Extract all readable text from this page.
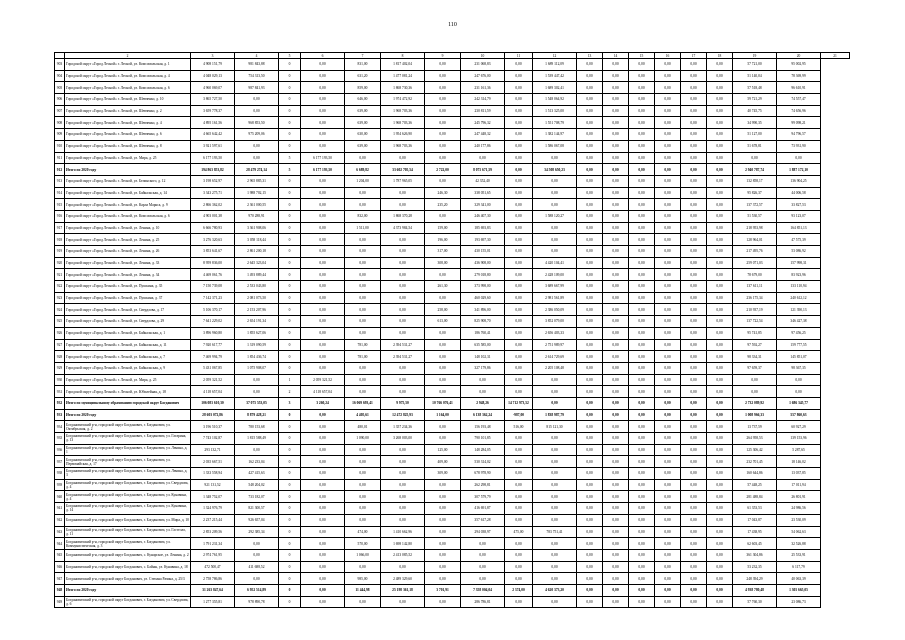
110
	2	3	4	5	6	7	8	9	10	11	12	13	14	15	16	17	18	19	20	21
903	Городской округ «Город Лесной» г. Лесной, ул. Комсомольская, д. 1	4 908 151,79	981 843,88	0	0,00	831,00	1 817 402,04	0,00	231 068,83	0,00	1 689 112,09	0,00	0,00	0,00	0,00	0,00	0,00	57 721,00	95 002,95	
904	Городской округ «Город Лесной» г. Лесной, ул. Комсомольская, д. 4	4 048 029,13	754 313,50	0	0,00	631,20	1 477 081,24	0,00	247 676,00	0,00	1 539 447,42	0,00	0,00	0,00	0,00	0,00	0,00	51 140,04	78 369,99	
905	Городской округ «Город Лесной» г. Лесной, ул. Комсомольская, д. 6	4 960 069,07	987 841,93	0	0,00	859,00	1 868 730,36	0,00	231 161,36	0,00	1 689 302,41	0,00	0,00	0,00	0,00	0,00	0,00	57 518,48	96 610,91	
906	Городской округ «Город Лесной» г. Лесной, ул. Шевченко, д. 10	3 865 727,50	0,00	0	0,00	646,00	1 974 472,92	0,00	242 314,79	0,00	1 548 064,92	0,00	0,00	0,00	0,00	0,00	0,00	59 721,29	74 557,47	
907	Городской округ «Город Лесной» г. Лесной, ул. Шевченко, д. 2	3 659 778,37	0,00	0	0,00	639,00	1 968 703,36	0,00	230 811,59	0,00	1 513 325,00	0,00	0,00	0,00	0,00	0,00	0,00	40 745,75	74 656,96	
908	Городской округ «Город Лесной» г. Лесной, ул. Шевченко, д. 4	4 895 161,56	968 853,50	0	0,00	639,00	1 968 703,36	0,00	245 796,32	0,00	1 551 708,79	0,00	0,00	0,00	0,00	0,00	0,00	34 990,35	99 098,21	
909	Городской округ «Город Лесной» г. Лесной, ул. Шевченко, д. 6	4 665 642,42	975 209,06	0	0,00	630,00	1 954 626,90	0,00	247 448,32	0,00	1 382 144,97	0,00	0,00	0,00	0,00	0,00	0,00	51 127,00	94 796,57	
910	Городской округ «Город Лесной» г. Лесной, ул. Шевченко, д. 8	3 921 597,61	0,00	0	0,00	639,00	1 968 703,36	0,00	240 177,86	0,00	1 586 067,08	0,00	0,00	0,00	0,00	0,00	0,00	51 678,81	73 931,90	
911	Городской округ «Город Лесной» г. Лесной, ул. Мира, д. 25	6 177 193,50	0,00	5	6 177 193,50	0,00	0,00	0,00	0,00	0,00	0,00	0,00	0,00	0,00	0,00	0,00	0,00	0,00	0,00	
912	Итого по 2020 году	194 863 853,82	28 479 274,14	5	6 177 193,50	6 689,82	33 602 705,54	2 722,00	8 075 671,59	0,00	34 508 650,23	0,00	0,00	0,00	0,00	0,00	0,00	2 940 787,74	1 887 172,10	
913	Городской округ «Город Лесной» г. Лесной, ул. Белинского, д. 12	3 198 652,97	2 965 885,31	0	0,00	1 204,00	1 787 965,05	0,00	42 352,40	0,00	0,00	0,00	0,00	0,00	0,00	0,00	0,00	132 858,17	136 904,25	
914	Городской округ «Город Лесной» г. Лесной, ул. Байкальская, д. 14	3 343 275,71	1 988 702,15	0	0,00	0,00	0,00	246,30	338 051,65	0,00	0,00	0,00	0,00	0,00	0,00	0,00	0,00	95 826,37	44 006,58	
915	Городской округ «Город Лесной» г. Лесной, ул. Карла Маркса, д. 9	2 866 362,02	2 361 000,55	0	0,00	0,00	0,00	235,20	329 341,00	0,00	0,00	0,00	0,00	0,00	0,00	0,00	0,00	137 372,57	33 827,53	
916	Городской округ «Город Лесной» г. Лесной, ул. Комсомольская, д. 6	4 903 001,38	970 288,91	0	0,00	832,00	1 868 370,28	0,00	246 407,30	0,00	1 588 120,27	0,00	0,00	0,00	0,00	0,00	0,00	51 530,57	93 123,07	
917	Городской округ «Город Лесной» г. Лесной, ул. Ленина, д. 10	6 666 780,93	3 361 908,06	0	0,00	1 511,00	4 373 984,54	159,00	185 693,83	0,00	0,00	0,00	0,00	0,00	0,00	0,00	0,00	218 953,98	164 851,13	
918	Городской округ «Город Лесной» г. Лесной, ул. Ленина, д. 25	3 276 320,63	3 058 118,44	0	0,00	0,00	0,00	196,00	193 697,30	0,00	0,00	0,00	0,00	0,00	0,00	0,00	0,00	128 964,01	47 575,39	
919	Городской округ «Город Лесной» г. Лесной, ул. Ленина, д. 26	3 853 641,67	2 861 200,18	0	0,00	0,00	0,00	317,00	430 155,01	0,00	0,00	0,00	0,00	0,00	0,00	0,00	0,00	217 495,76	53 086,92	
920	Городской округ «Город Лесной» г. Лесной, ул. Ленина, д. 33	8 959 836,00	2 645 323,04	0	0,00	0,00	0,00	308,00	436 908,00	0,00	4 420 104,41	0,00	0,00	0,00	0,00	0,00	0,00	259 071,03	157 998,31	
921	Городской округ «Город Лесной» г. Лесной, ул. Ленина, д. 34	4 469 061,76	1 493 889,44	0	0,00	0,00	0,00	0,00	279 018,80	0,00	2 428 109,00	0,00	0,00	0,00	0,00	0,00	0,00	78 679,00	83 923,96	
922	Городской округ «Город Лесной» г. Лесной, ул. Пушкина, д. 35	7 150 739,08	2 533 043,80	0	0,00	0,00	0,00	261,30	373 998,00	0,00	3 689 667,99	0,00	0,00	0,00	0,00	0,00	0,00	137 611,11	133 110,94	
923	Городской округ «Город Лесной» г. Лесной, ул. Пушкина, д. 37	7 142 371,23	2 081 073,50	0	0,00	0,00	0,00	0,00	460 029,60	0,00	2 981 561,89	0,00	0,00	0,00	0,00	0,00	0,00	236 175,34	240 612,12	
924	Городской округ «Город Лесной» г. Лесной, ул. Свердлова, д. 17	5 106 370,17	2 153 207,96	0	0,00	0,00	0,00	258,00	341 896,00	0,00	2 386 050,09	0,00	0,00	0,00	0,00	0,00	0,00	210 937,19	121 390,13	
925	Городской округ «Город Лесной» г. Лесной, ул. Свердлова, д. 29	7 641 229,02	2 654 191,34	0	0,00	0,00	0,00	613,00	825 908,70	0,00	3 852 079,00	0,00	0,00	0,00	0,00	0,00	0,00	137 722,54	346 427,38	
926	Городской округ «Город Лесной» г. Лесной, ул. Байкальская, д. 1	3 896 960,80	1 855 627,06	0	0,00	0,00	0,00	0,00	186 760,41	0,00	2 656 403,33	0,00	0,00	0,00	0,00	0,00	0,00	95 741,85	97 456,25	
927	Городской округ «Город Лесной» г. Лесной, ул. Байкальская, д. 11	7 920 617,77	1 319 090,59	0	0,00	781,00	2 394 531,27	0,00	635 585,00	0,00	2 751 989,97	0,00	0,00	0,00	0,00	0,00	0,00	97 592,27	159 777,55	
928	Городской округ «Город Лесной» г. Лесной, ул. Байкальская, д. 7	7 469 994,79	1 854 436,74	0	0,00	781,00	2 394 531,27	0,00	148 102,31	0,00	2 614 729,69	0,00	0,00	0,00	0,00	0,00	0,00	98 334,31	145 851,07	
929	Городской округ «Город Лесной» г. Лесной, ул. Байкальская, д. 9	5 431 067,85	1 075 908,07	0	0,00	0,00	0,00	0,00	327 179,86	0,00	2 205 108,48	0,00	0,00	0,00	0,00	0,00	0,00	97 659,37	98 367,35	
930	Городской округ «Город Лесной» г. Лесной, ул. Мира, д. 25	2 059 321,52	0,00	1	2 059 321,52	0,00	0,00	0,00	0,00	0,00	0,00	0,00	0,00	0,00	0,00	0,00	0,00	0,00	0,00	
931	Городской округ «Город Лесной» г. Лесной, ул. Юбилейная, д. 18	4 118 657,04	0,00	2	4 118 657,04	0,00	0,00	0,00	0,00	0,00	0,00	0,00	0,00	0,00	0,00	0,00	0,00	0,00	0,00	
932	Итого по муниципальному образованию городской округ Богданович	106 083 610,30	37 075 553,05	3	3 260,24	16 069 693,41	9 975,50	10 766 076,41	2 948,26	14 712 973,52	0,00	0,00	0,00	0,00	0,00	0,00	0,00	2 732 089,92	1 686 345,77	
933	Итого по 2020 году	28 603 072,86	8 879 428,21	0	0,00	4 405,61	12 472 825,93	1 164,00	6 138 362,24	-987,00	1 838 987,79	0,00	0,00	0,00	0,00	0,00	0,00	1 008 966,33	557 860,63	
934	Богдановичский р-н, городской округ Богданович, г. Богданович, ул. Октябрьская, д. 2	3 196 510,37	780 153,68	0	0,00	480,01	1 357 234,36	0,00	156 193,48	516,00	815 121,30	0,00	0,00	0,00	0,00	0,00	0,00	13 737,59	60 927,29	
935	Богдановичский р-н, городской округ Богданович, г. Богданович, ул. Гагарина, д. 13	7 743 102,87	1 815 588,49	0	0,00	1 090,00	3 268 003,00	0,00	790 101,85	0,00	0,00	0,00	0,00	0,00	0,00	0,00	0,00	264 958,53	139 153,96	
936	Богдановичский р-н, городской округ Богданович, г. Богданович, ул. Ленина, д. 1	293 132,71	0,00	0	0,00	0,00	0,00	125,00	148 284,05	0,00	0,00	0,00	0,00	0,00	0,00	0,00	0,00	125 306,42	5 287,65	
937	Богдановичский р-н, городской округ Богданович, г. Богданович, ул. Первомайская, д. 17	2 035 667,51	162 233,04	0	0,00	0,00	0,00	409,00	530 314,02	0,00	0,00	0,00	0,00	0,00	0,00	0,00	0,00	232 701,45	18 146,02	
938	Богдановичский р-н, городской округ Богданович, г. Богданович, ул. Ленина, д. 3	1 333 558,94	427 415,63	0	0,00	0,00	0,00	309,00	678 978,90	0,00	0,00	0,00	0,00	0,00	0,00	0,00	0,00	160 644,86	13 037,85	
939	Богдановичский р-н, городской округ Богданович, г. Богданович, ул. Свердлова, д. 4	921 131,52	548 204,02	0	0,00	0,00	0,00	0,00	262 298,81	0,00	0,00	0,00	0,00	0,00	0,00	0,00	0,00	57 448,25	17 011,94	
940	Богдановичский р-н, городской округ Богданович, г. Богданович, ул. Кунавина, д. 4	1 348 752,07	733 182,07	0	0,00	0,00	0,00	0,00	307 579,79	0,00	0,00	0,00	0,00	0,00	0,00	0,00	0,00	281 488,84	26 801,91	
941	Богдановичский р-н, городской округ Богданович, г. Богданович, ул. Кунавина, д. 14	1 324 976,79	821 300,57	0	0,00	0,00	0,00	0,00	416 691,87	0,00	0,00	0,00	0,00	0,00	0,00	0,00	0,00	61 353,53	24 986,56	
942	Богдановичский р-н, городской округ Богданович, г. Богданович, ул. Мира, д. 10	2 237 215,44	926 657,04	0	0,00	0,00	0,00	0,00	357 617,28	0,00	0,00	0,00	0,00	0,00	0,00	0,00	0,00	17 043,87	23 530,09	
943	Богдановичский р-н, городской округ Богданович, г. Богданович, ул. Гастелло, д. 11	2 853 209,56	292 385,34	0	0,00	474,00	1 410 662,96	0,00	294 038,97	475,00	783 751,41	0,00	0,00	0,00	0,00	0,00	0,00	17 438,95	54 062,63	
944	Богдановичский р-н, городской округ Богданович, г. Богданович, ул. Коммунистическая, д. 3	1 791 231,34	0,00	0	0,00	570,00	1 698 142,80	0,00	0,00	0,00	0,00	0,00	0,00	0,00	0,00	0,00	0,00	62 603,45	32 526,88	
945	Богдановичский р-н, городской округ Богданович, с. Кунарское, ул. Ленина, д. 2	2 974 761,95	0,00	0	0,00	1 066,00	2 413 085,52	0,00	0,00	0,00	0,00	0,00	0,00	0,00	0,00	0,00	0,00	361 304,86	25 533,91	
946	Богдановичский р-н, городской округ Богданович, с. Байны, ул. Кунавина, д. 18	472 500,47	411 688,52	0	0,00	0,00	0,00	0,00	0,00	0,00	0,00	0,00	0,00	0,00	0,00	0,00	0,00	53 232,35	6 117,79	
947	Богдановичский р-н, городской округ Богданович, ул. Степана Разина, д. 25/3	2 758 786,86	0,00	0	0,00	985,00	2 489 329,60	0,00	0,00	0,00	0,00	0,00	0,00	0,00	0,00	0,00	0,00	248 394,29	40 063,39	
948	Итого по 2020 году	31 263 847,64	6 952 514,89	0	0,00	11 444,98	25 198 361,18	3 701,91	7 358 004,04	2 374,00	4 620 373,20	0,00	0,00	0,00	0,00	0,00	0,00	4 938 780,48	1 305 665,05	
949	Богдановичский р-н, городской округ Богданович, г. Богданович, ул. Свердлова, д. 6	1 277 355,81	978 890,78	0	0,00	0,00	0,00	0,00	286 786,81	0,00	0,00	0,00	0,00	0,00	0,00	0,00	0,00	57 760,30	23 086,73	
